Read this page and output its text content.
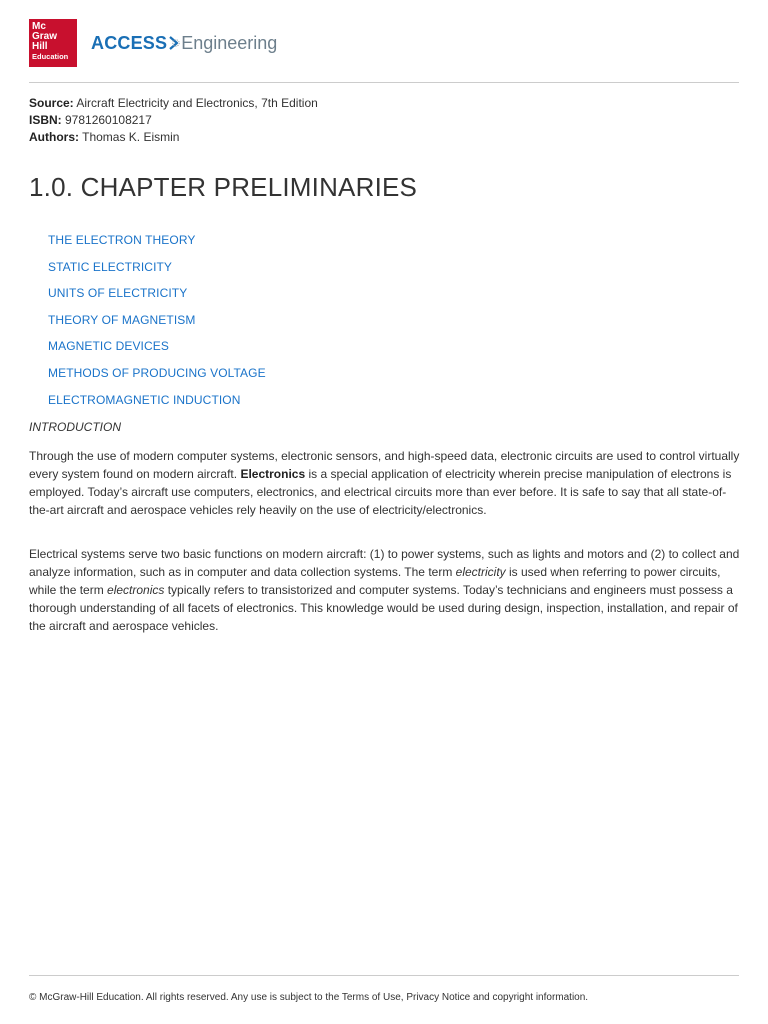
Mc
Graw
Hill
Education
ACCESS Engineering
Source: Aircraft Electricity and Electronics, 7th Edition
ISBN: 9781260108217
Authors: Thomas K. Eismin
1.0. CHAPTER PRELIMINARIES
THE ELECTRON THEORY
STATIC ELECTRICITY
UNITS OF ELECTRICITY
THEORY OF MAGNETISM
MAGNETIC DEVICES
METHODS OF PRODUCING VOLTAGE
ELECTROMAGNETIC INDUCTION
INTRODUCTION

Through the use of modern computer systems, electronic sensors, and high-speed data, electronic circuits are used to control virtually every system found on modern aircraft. Electronics is a special application of electricity wherein precise manipulation of electrons is employed. Today’s aircraft use computers, electronics, and electrical circuits more than ever before. It is safe to say that all state-of-the-art aircraft and aerospace vehicles rely heavily on the use of electricity/electronics.

Electrical systems serve two basic functions on modern aircraft: (1) to power systems, such as lights and motors and (2) to collect and analyze information, such as in computer and data collection systems. The term electricity is used when referring to power circuits, while the term electronics typically refers to transistorized and computer systems. Today’s technicians and engineers must possess a thorough understanding of all facets of electronics. This knowledge would be used during design, inspection, installation, and repair of the aircraft and aerospace vehicles.

© McGraw-Hill Education. All rights reserved. Any use is subject to the Terms of Use, Privacy Notice and copyright information.
